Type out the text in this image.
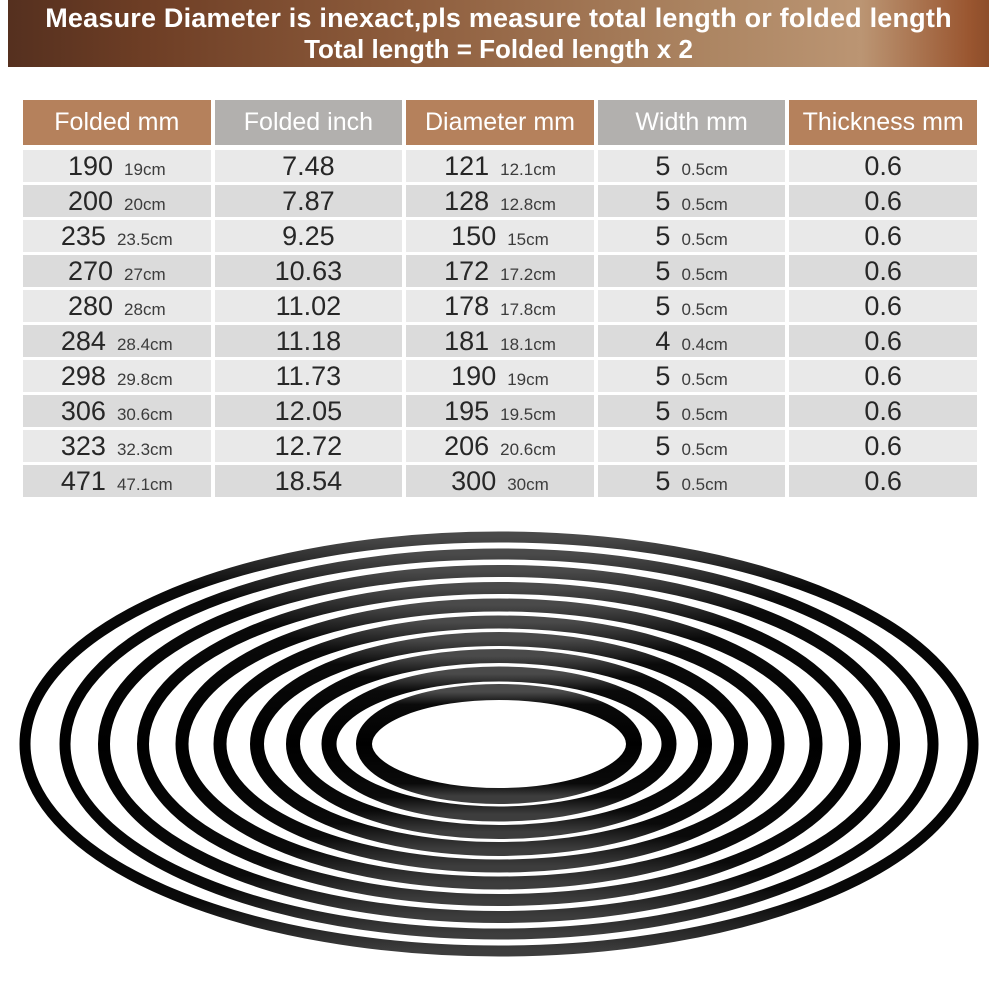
Measure Diameter is inexact,pls measure total length or folded length
Total length = Folded length x 2
Folded mm	Folded inch	Diameter mm	Width mm	Thickness mm
190 19cm	7.48	121 12.1cm	5 0.5cm	0.6
200 20cm	7.87	128 12.8cm	5 0.5cm	0.6
235 23.5cm	9.25	150 15cm	5 0.5cm	0.6
270 27cm	10.63	172 17.2cm	5 0.5cm	0.6
280 28cm	11.02	178 17.8cm	5 0.5cm	0.6
284 28.4cm	11.18	181 18.1cm	4 0.4cm	0.6
298 29.8cm	11.73	190 19cm	5 0.5cm	0.6
306 30.6cm	12.05	195 19.5cm	5 0.5cm	0.6
323 32.3cm	12.72	206 20.6cm	5 0.5cm	0.6
471 47.1cm	18.54	300 30cm	5 0.5cm	0.6
